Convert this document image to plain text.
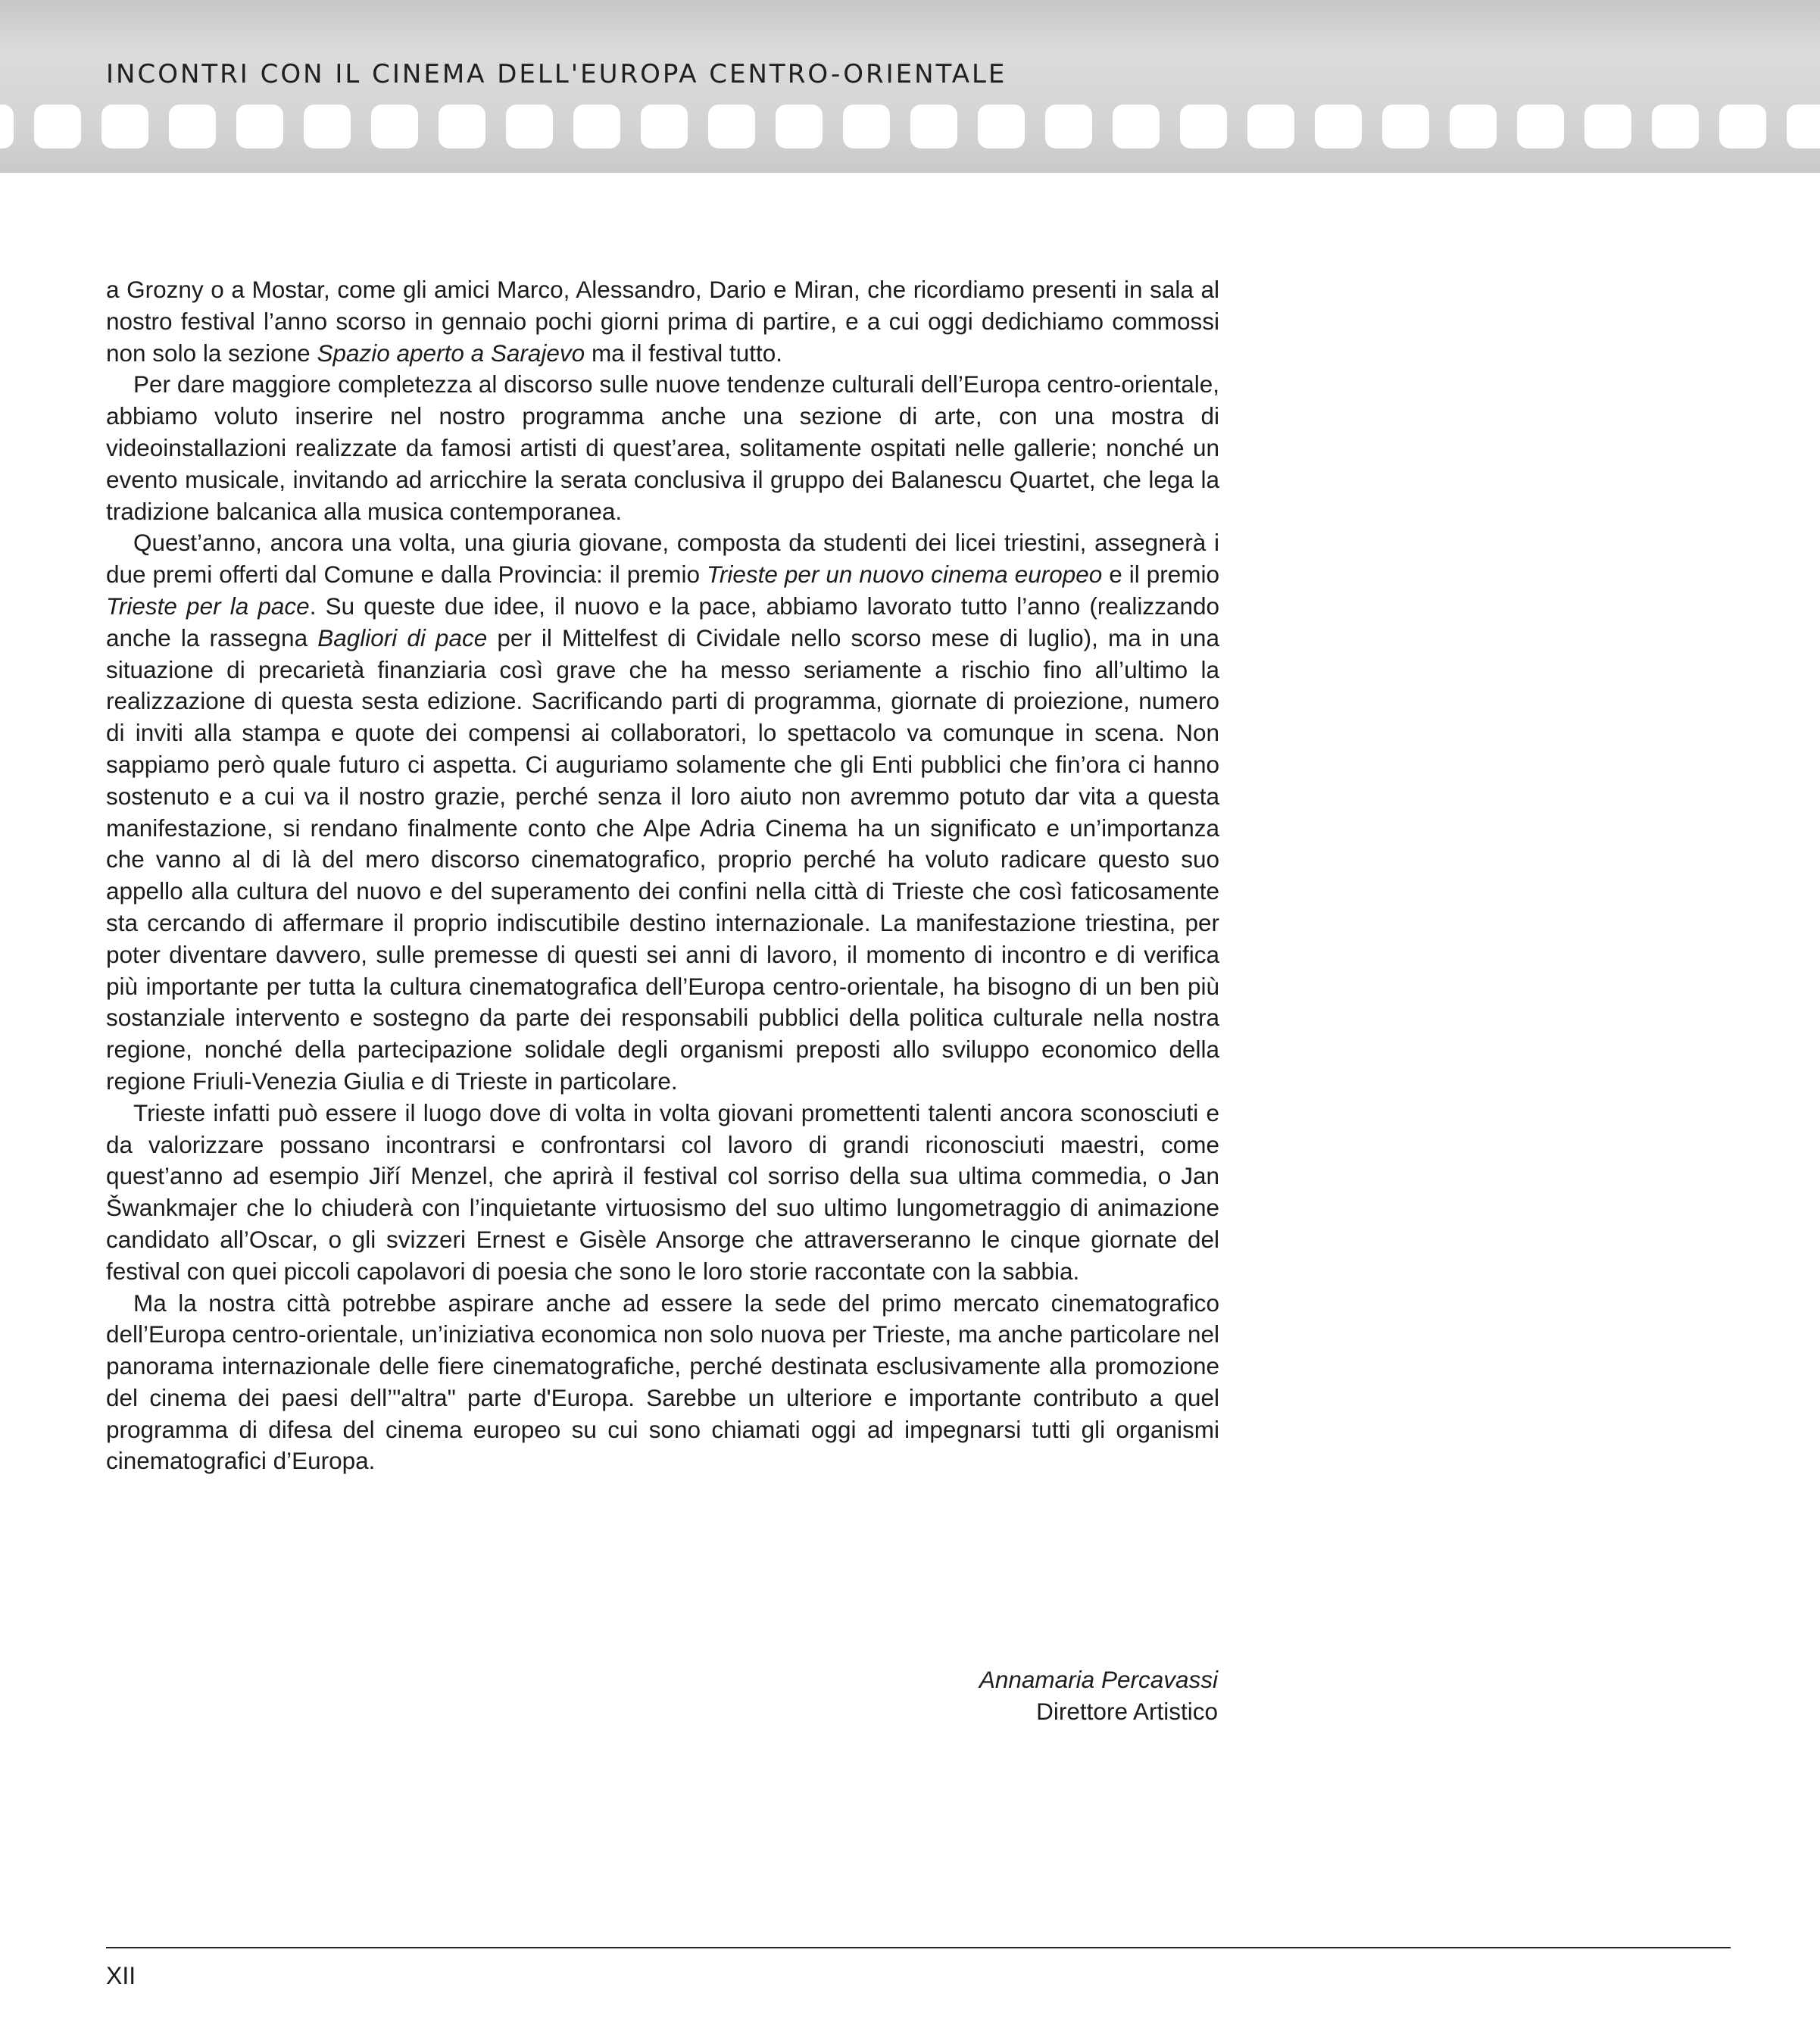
INCONTRI CON IL CINEMA DELL'EUROPA CENTRO-ORIENTALE

a Grozny o a Mostar, come gli amici Marco, Alessandro, Dario e Miran, che ricordiamo presenti in sala al nostro festival l’anno scorso in gennaio pochi giorni prima di partire, e a cui oggi dedichiamo commossi non solo la sezione Spazio aperto a Sarajevo ma il festival tutto.

Per dare maggiore completezza al discorso sulle nuove tendenze culturali dell’Europa centro-orientale, abbiamo voluto inserire nel nostro programma anche una sezione di arte, con una mostra di videoinstallazioni realizzate da famosi artisti di quest’area, solitamente ospitati nelle gallerie; nonché un evento musicale, invitando ad arricchire la serata conclusiva il gruppo dei Balanescu Quartet, che lega la tradizione balcanica alla musica contemporanea.

Quest’anno, ancora una volta, una giuria giovane, composta da studenti dei licei triestini, assegnerà i due premi offerti dal Comune e dalla Provincia: il premio Trieste per un nuovo cinema europeo e il premio Trieste per la pace. Su queste due idee, il nuovo e la pace, abbiamo lavorato tutto l’anno (realizzando anche la rassegna Bagliori di pace per il Mittelfest di Cividale nello scorso mese di luglio), ma in una situazione di precarietà finanziaria così grave che ha messo seriamente a rischio fino all’ultimo la realizzazione di questa sesta edizione. Sacrificando parti di programma, giornate di proiezione, numero di inviti alla stampa e quote dei compensi ai collaboratori, lo spettacolo va comunque in scena. Non sappiamo però quale futuro ci aspetta. Ci auguriamo solamente che gli Enti pubblici che fin’ora ci hanno sostenuto e a cui va il nostro grazie, perché senza il loro aiuto non avremmo potuto dar vita a questa manifestazione, si rendano finalmente conto che Alpe Adria Cinema ha un significato e un’importanza che vanno al di là del mero discorso cinematografico, proprio perché ha voluto radicare questo suo appello alla cultura del nuovo e del superamento dei confini nella città di Trieste che così faticosamente sta cercando di affermare il proprio indiscutibile destino internazionale. La manifestazione triestina, per poter diventare davvero, sulle premesse di questi sei anni di lavoro, il momento di incontro e di verifica più importante per tutta la cultura cinematografica dell’Europa centro-orientale, ha bisogno di un ben più sostanziale intervento e sostegno da parte dei responsabili pubblici della politica culturale nella nostra regione, nonché della partecipazione solidale degli organismi preposti allo sviluppo economico della regione Friuli-Venezia Giulia e di Trieste in particolare.

Trieste infatti può essere il luogo dove di volta in volta giovani promettenti talenti ancora sconosciuti e da valorizzare possano incontrarsi e confrontarsi col lavoro di grandi riconosciuti maestri, come quest’anno ad esempio Jiří Menzel, che aprirà il festival col sorriso della sua ultima commedia, o Jan Šwankmajer che lo chiuderà con l’inquietante virtuosismo del suo ultimo lungometraggio di animazione candidato all’Oscar, o gli svizzeri Ernest e Gisèle Ansorge che attraverseranno le cinque giornate del festival con quei piccoli capolavori di poesia che sono le loro storie raccontate con la sabbia.

Ma la nostra città potrebbe aspirare anche ad essere la sede del primo mercato cinematografico dell’Europa centro-orientale, un’iniziativa economica non solo nuova per Trieste, ma anche particolare nel panorama internazionale delle fiere cinematografiche, perché destinata esclusivamente alla promozione del cinema dei paesi dell’"altra" parte d'Europa. Sarebbe un ulteriore e importante contributo a quel programma di difesa del cinema europeo su cui sono chiamati oggi ad impegnarsi tutti gli organismi cinematografici d’Europa.

Annamaria Percavassi
Direttore Artistico
XII
